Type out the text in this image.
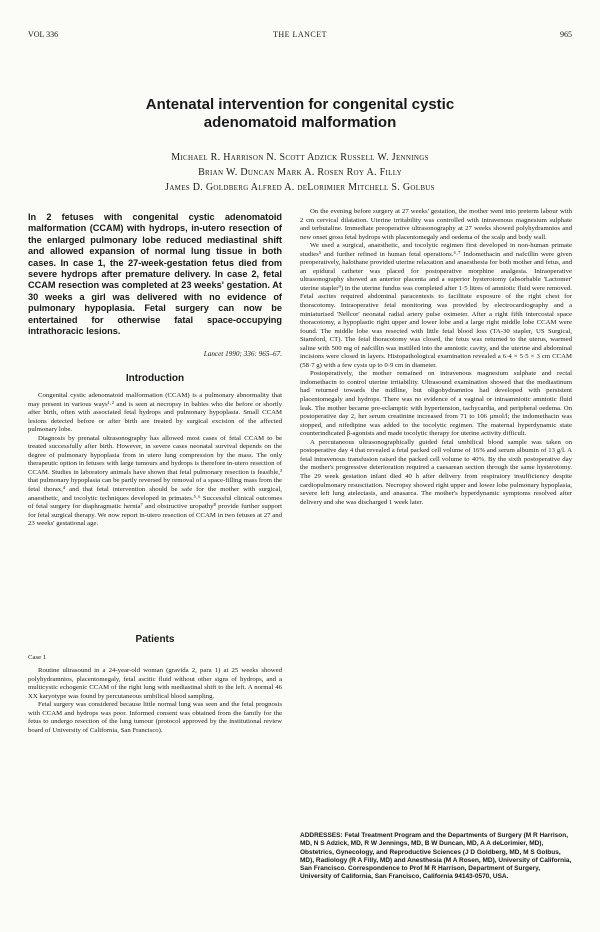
VOL 336	THE LANCET	965
Antenatal intervention for congenital cystic
adenomatoid malformation
Michael R. Harrison N. Scott Adzick Russell W. Jennings
Brian W. Duncan Mark A. Rosen Roy A. Filly
James D. Goldberg Alfred A. deLorimier Mitchell S. Golbus
In 2 fetuses with congenital cystic adenomatoid malformation (CCAM) with hydrops, in-utero resection of the enlarged pulmonary lobe reduced mediastinal shift and allowed expansion of normal lung tissue in both cases. In case 1, the 27-week-gestation fetus died from severe hydrops after premature delivery. In case 2, fetal CCAM resection was completed at 23 weeks' gestation. At 30 weeks a girl was delivered with no evidence of pulmonary hypoplasia. Fetal surgery can now be entertained for otherwise fatal space-occupying intrathoracic lesions.
Lancet 1990; 336: 965–67.
Introduction

Congenital cystic adenomatoid malformation (CCAM) is a pulmonary abnormality that may present in various ways¹·² and is seen at necropsy in babies who die before or shortly after birth, often with associated fetal hydrops and pulmonary hypoplasia. Small CCAM lesions detected before or after birth are treated by surgical excision of the affected pulmonary lobe.

Diagnosis by prenatal ultrasonography has allowed most cases of fetal CCAM to be treated successfully after birth. However, in severe cases neonatal survival depends on the degree of pulmonary hypoplasia from in utero lung compression by the mass. The only therapeutic option in fetuses with large tumours and hydrops is therefore in-utero resection of CCAM. Studies in laboratory animals have shown that fetal pulmonary resection is feasible,³ that pulmonary hypoplasia can be partly reversed by removal of a space-filling mass from the fetal thorax,⁴ and that fetal intervention should be safe for the mother with surgical, anaesthetic, and tocolytic techniques developed in primates.⁵·⁶ Successful clinical outcomes of fetal surgery for diaphragmatic hernia⁷ and obstructive uropathy⁸ provide further support for fetal surgical therapy. We now report in-utero resection of CCAM in two fetuses at 27 and 23 weeks' gestational age.

Patients
Case 1

Routine ultrasound in a 24-year-old woman (gravida 2, para 1) at 25 weeks showed polyhydramnios, placentomegaly, fetal ascitic fluid without other signs of hydrops, and a multicystic echogenic CCAM of the right lung with mediastinal shift to the left. A normal 46 XX karyotype was found by percutaneous umbilical blood sampling.

Fetal surgery was considered because little normal lung was seen and the fetal prognosis with CCAM and hydrops was poor. Informed consent was obtained from the family for the fetus to undergo resection of the lung tumour (protocol approved by the institutional review board of University of California, San Francisco).

On the evening before surgery at 27 weeks' gestation, the mother went into preterm labour with 2 cm cervical dilatation. Uterine irritability was controlled with intravenous magnesium sulphate and terbutaline. Immediate preoperative ultrasonography at 27 weeks showed polyhydramnios and new onset gross fetal hydrops with placentomegaly and oedema of the scalp and body wall.

We used a surgical, anaesthetic, and tocolytic regimen first developed in non-human primate studies⁵ and further refined in human fetal operations.⁶·⁷ Indomethacin and nafcillin were given preoperatively, halothane provided uterine relaxation and anaesthesia for both mother and fetus, and an epidural catheter was placed for postoperative morphine analgesia. Intraoperative ultrasonography showed an anterior placenta and a superior hysterotomy (absorbable 'Lactomer' uterine stapler⁹) in the uterine fundus was completed after 1·5 litres of amniotic fluid were removed. Fetal ascites required abdominal paracentesis to facilitate exposure of the right chest for thoracotomy. Intraoperative fetal monitoring was provided by electrocardiography and a miniaturised 'Nellcor' neonatal radial artery pulse oximeter. After a right fifth intercostal space thoracotomy, a hypoplastic right upper and lower lobe and a large right middle lobe CCAM were found. The middle lobe was resected with little fetal blood loss (TA-30 stapler, US Surgical, Stamford, CT). The fetal thoracotomy was closed, the fetus was returned to the uterus, warmed saline with 500 mg of nafcillin was instilled into the amniotic cavity, and the uterine and abdominal incisions were closed in layers. Histopathological examination revealed a 6·4 × 5·5 × 3 cm CCAM (58·7 g) with a few cysts up to 0·9 cm in diameter.

Postoperatively, the mother remained on intravenous magnesium sulphate and rectal indomethacin to control uterine irritability. Ultrasound examination showed that the mediastinum had returned towards the midline, but oligohydramnios had developed with persistent placentomegaly and hydrops. There was no evidence of a vaginal or intraamniotic amniotic fluid leak. The mother became pre-eclamptic with hypertension, tachycardia, and peripheral oedema. On postoperative day 2, her serum creatinine increased from 71 to 106 µmol/l; the indomethacin was stopped, and nifedipine was added to the tocolytic regimen. The maternal hyperdynamic state counterindicated β-agonists and made tocolytic therapy for uterine activity difficult.

A percutaneous ultrasonographically guided fetal umbilical blood sample was taken on postoperative day 4 that revealed a fetal packed cell volume of 16% and serum albumin of 13 g/l. A fetal intravenous transfusion raised the packed cell volume to 40%. By the sixth postoperative day the mother's progressive deterioration required a caesarean section through the same hysterotomy. The 29 week gestation infant died 40 h after delivery from respiratory insufficiency despite cardiopulmonary resuscitation. Necropsy showed right upper and lower lobe pulmonary hypoplasia, severe left lung atelectasis, and anasarca. The mother's hyperdynamic symptoms resolved after delivery and she was discharged 1 week later.

ADDRESSES: Fetal Treatment Program and the Departments of Surgery (M R Harrison, MD, N S Adzick, MD, R W Jennings, MD, B W Duncan, MD, A A deLorimier, MD), Obstetrics, Gynecology, and Reproductive Sciences (J D Goldberg, MD, M S Golbus, MD), Radiology (R A Filly, MD) and Anesthesia (M A Rosen, MD), University of California, San Francisco. Correspondence to Prof M R Harrison, Department of Surgery, University of California, San Francisco, California 94143-0570, USA.
